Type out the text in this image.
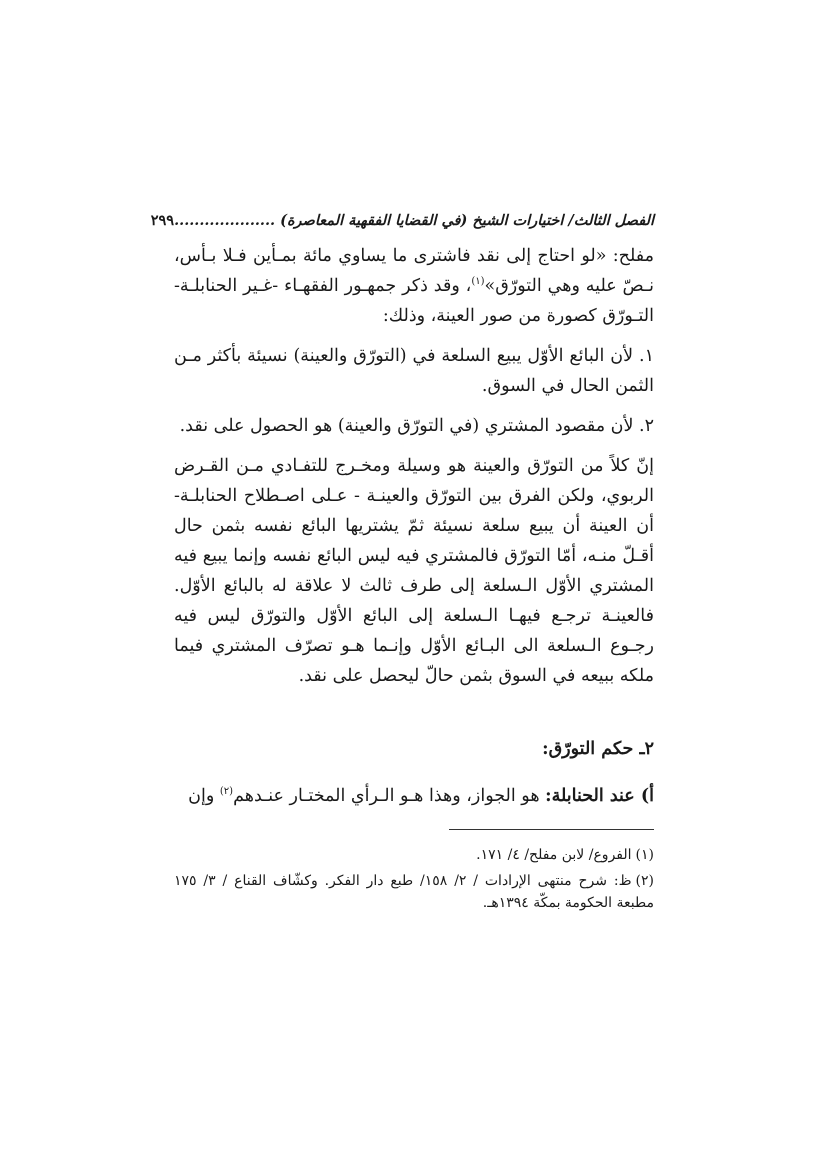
الفصل الثالث/ اختيارات الشيخ (في القضايا الفقهية المعاصرة) ....................
٢٩٩

مفلح: «لو احتاج إلى نقد فاشترى ما يساوي مائة بمـأين فـلا بـأس، نـصّ عليه وهي التورّق»$^{(١)}$، وقد ذكر جمهـور الفقهـاء -غـير الحنابلـة- التـورّق كصورة من صور العينة، وذلك:

١. لأن البائع الأوّل يبيع السلعة في (التورّق والعينة) نسيئة بأكثر مـن الثمن الحال في السوق.

٢. لأن مقصود المشتري (في التورّق والعينة) هو الحصول على نقد.

إنّ كلاً من التورّق والعينة هو وسيلة ومخـرج للتفـادي مـن القـرض الربوي، ولكن الفرق بين التورّق والعينـة - عـلى اصـطلاح الحنابلـة- أن العينة أن يبيع سلعة نسيئة ثمّ يشتريها البائع نفسه بثمن حال أقـلّ منـه، أمّا التورّق فالمشتري فيه ليس البائع نفسه وإنما يبيع فيه المشتري الأوّل الـسلعة إلى طرف ثالث لا علاقة له بالبائع الأوّل. فالعينـة ترجـع فيهـا الـسلعة إلى البائع الأوّل والتورّق ليس فيه رجـوع الـسلعة الى البـائع الأوّل وإنـما هـو تصرّف المشتري فيما ملكه ببيعه في السوق بثمن حالّ ليحصل على نقد.

٢ـ حكم التورّق:

أ) عند الحنابلة: هو الجواز، وهذا هـو الـرأي المختـار عنـدهم$^{(٢)}$ وإن

(١)الفروع/ لابن مفلح/ ٤/ ١٧١.

(٢)ظ: شرح منتهى الإرادات / ٢/ ١٥٨/ طبع دار الفكر. وكشّاف القناع / ٣/ ١٧٥ مطبعة الحكومة بمكّة ١٣٩٤هـ.
